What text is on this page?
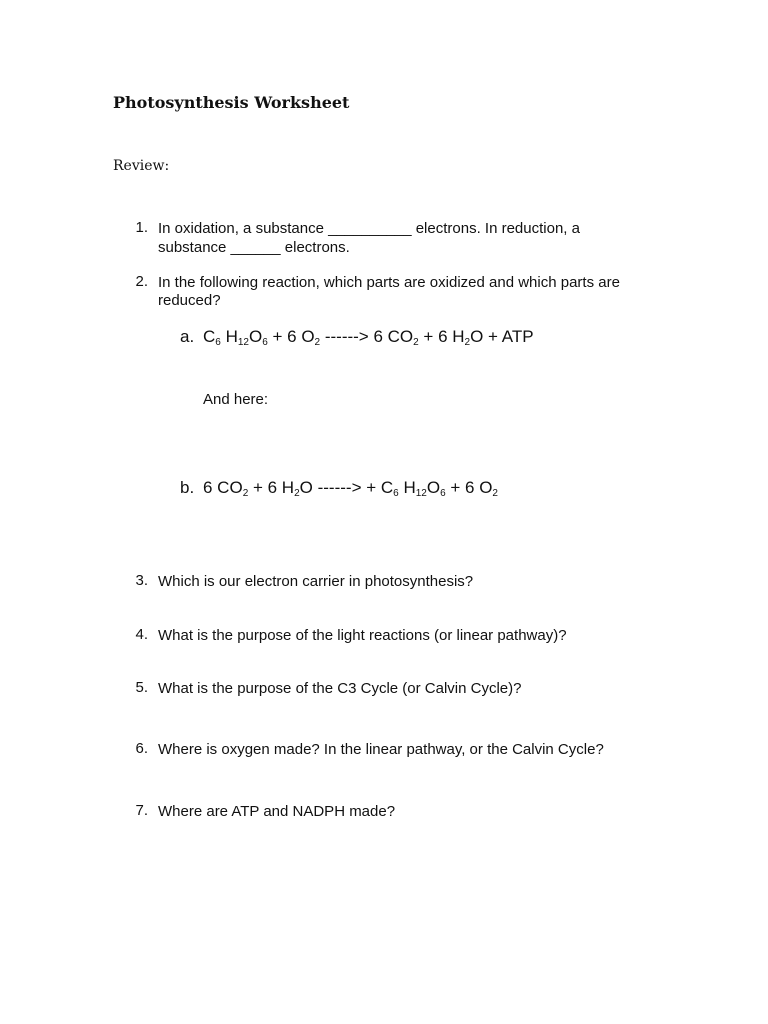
Photosynthesis Worksheet
Review:
1. In oxidation, a substance __________ electrons. In reduction, a
substance ______ electrons.
2. In the following reaction, which parts are oxidized and which parts are
reduced?
a. $C_6$ $H_{12}O_6 + 6$ $O_2$ ------> 6 $CO_2 + 6$ $H_2O$ + ATP
And here:
b. 6 $CO_2 + 6$ $H_2O$ ------> + $C_6$ $H_{12}O_6 + 6$ $O_2$
3. Which is our electron carrier in photosynthesis?
4. What is the purpose of the light reactions (or linear pathway)?
5. What is the purpose of the C3 Cycle (or Calvin Cycle)?
6. Where is oxygen made? In the linear pathway, or the Calvin Cycle?
7. Where are ATP and NADPH made?
